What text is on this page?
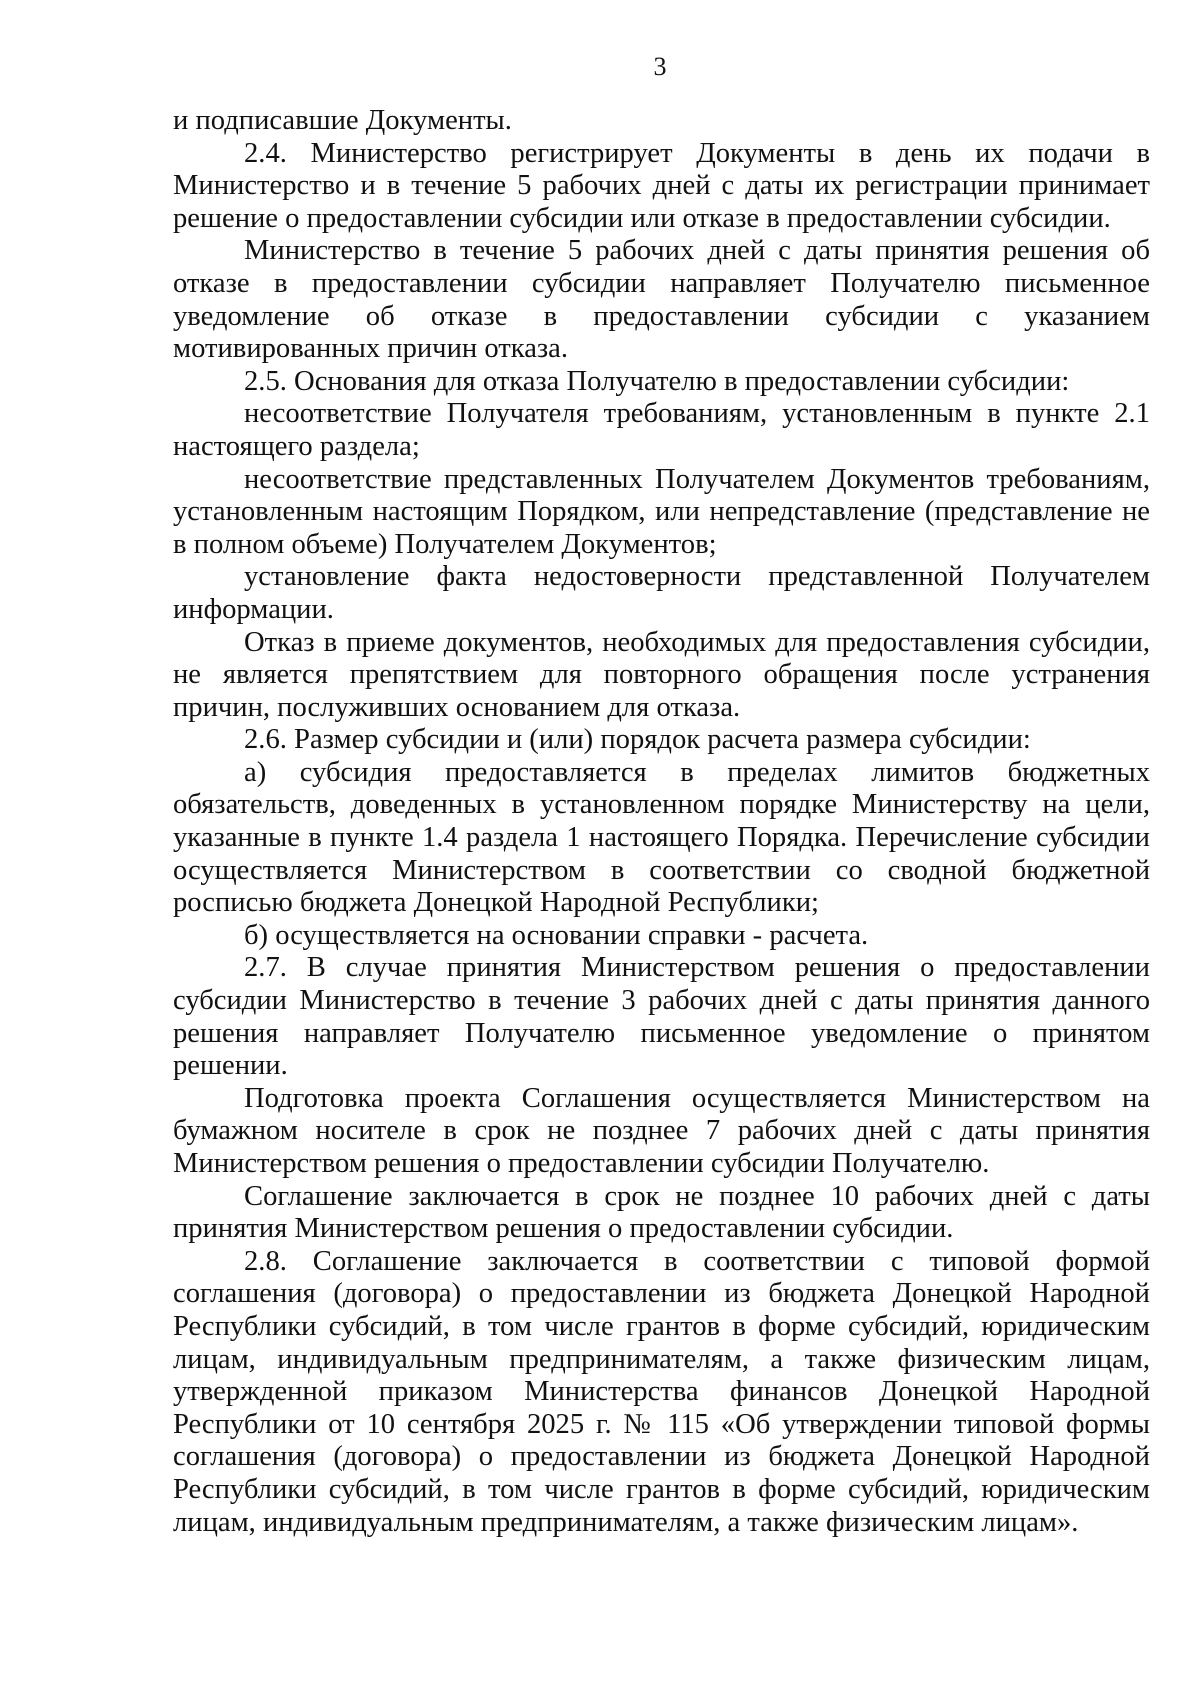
3

и подписавшие Документы.

2.4. Министерство регистрирует Документы в день их подачи в Министерство и в течение 5 рабочих дней с даты их регистрации принимает решение о предоставлении субсидии или отказе в предоставлении субсидии.

Министерство в течение 5 рабочих дней с даты принятия решения об отказе в предоставлении субсидии направляет Получателю письменное уведомление об отказе в предоставлении субсидии с указанием мотивированных причин отказа.

2.5. Основания для отказа Получателю в предоставлении субсидии:

несоответствие Получателя требованиям, установленным в пункте 2.1 настоящего раздела;

несоответствие представленных Получателем Документов требованиям, установленным настоящим Порядком, или непредставление (представление не в полном объеме) Получателем Документов;

установление факта недостоверности представленной Получателем информации.

Отказ в приеме документов, необходимых для предоставления субсидии, не является препятствием для повторного обращения после устранения причин, послуживших основанием для отказа.

2.6. Размер субсидии и (или) порядок расчета размера субсидии:

а) субсидия предоставляется в пределах лимитов бюджетных обязательств, доведенных в установленном порядке Министерству на цели, указанные в пункте 1.4 раздела 1 настоящего Порядка. Перечисление субсидии осуществляется Министерством в соответствии со сводной бюджетной росписью бюджета Донецкой Народной Республики;

б) осуществляется на основании справки - расчета.

2.7. В случае принятия Министерством решения о предоставлении субсидии Министерство в течение 3 рабочих дней с даты принятия данного решения направляет Получателю письменное уведомление о принятом решении.

Подготовка проекта Соглашения осуществляется Министерством на бумажном носителе в срок не позднее 7 рабочих дней с даты принятия Министерством решения о предоставлении субсидии Получателю.

Соглашение заключается в срок не позднее 10 рабочих дней с даты принятия Министерством решения о предоставлении субсидии.

2.8. Соглашение заключается в соответствии с типовой формой соглашения (договора) о предоставлении из бюджета Донецкой Народной Республики субсидий, в том числе грантов в форме субсидий, юридическим лицам, индивидуальным предпринимателям, а также физическим лицам, утвержденной приказом Министерства финансов Донецкой Народной Республики от 10 сентября 2025 г. № 115 «Об утверждении типовой формы соглашения (договора) о предоставлении из бюджета Донецкой Народной Республики субсидий, в том числе грантов в форме субсидий, юридическим лицам, индивидуальным предпринимателям, а также физическим лицам».
